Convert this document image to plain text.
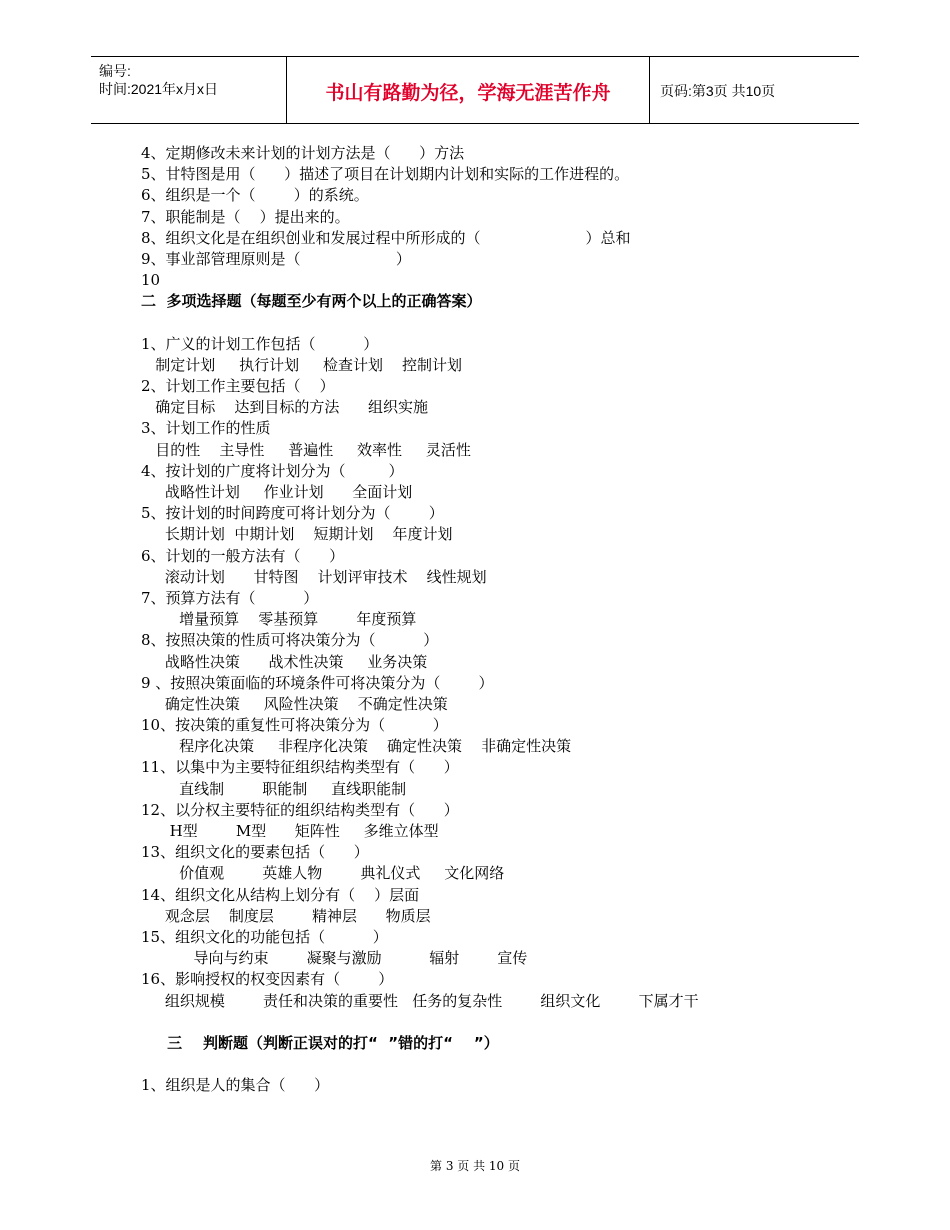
编号:
时间:2021年x月x日	书山有路勤为径，学海无涯苦作舟	页码:第3页 共10页
4、定期修改未来计划的计划方法是（      ）方法
5、甘特图是用（      ）描述了项目在计划期内计划和实际的工作进程的。
6、组织是一个（        ）的系统。
7、职能制是（    ）提出来的。
8、组织文化是在组织创业和发展过程中所形成的（                      ）总和
9、事业部管理原则是（                    ）
10
二  多项选择题（每题至少有两个以上的正确答案）
1、广义的计划工作包括（          ）
制定计划     执行计划     检查计划    控制计划
2、计划工作主要包括（    ）
确定目标    达到目标的方法      组织实施
3、计划工作的性质
目的性    主导性     普遍性     效率性     灵活性
4、按计划的广度将计划分为（         ）
战略性计划     作业计划      全面计划
5、按计划的时间跨度可将计划分为（        ）
长期计划  中期计划    短期计划    年度计划
6、计划的一般方法有（      ）
滚动计划      甘特图    计划评审技术    线性规划
7、预算方法有（          ）
增量预算    零基预算        年度预算
8、按照决策的性质可将决策分为（          ）
战略性决策      战术性决策     业务决策
9 、按照决策面临的环境条件可将决策分为（        ）
确定性决策     风险性决策    不确定性决策
10、按决策的重复性可将决策分为（          ）
程序化决策     非程序化决策    确定性决策    非确定性决策
11、以集中为主要特征组织结构类型有（      ）
直线制        职能制     直线职能制
12、以分权主要特征的组织结构类型有（      ）
H型        M型      矩阵性     多维立体型
13、组织文化的要素包括（      ）
价值观        英雄人物        典礼仪式     文化网络
14、组织文化从结构上划分有（    ）层面
观念层    制度层        精神层      物质层
15、组织文化的功能包括（          ）
导向与约束        凝聚与激励          辐射        宣传
16、影响授权的权变因素有（        ）
组织规模        责任和决策的重要性   任务的复杂性        组织文化        下属才干
三    判断题（判断正误对的打“  ”错的打“    ”）
1、组织是人的集合（      ）
第 3 页 共 10 页
